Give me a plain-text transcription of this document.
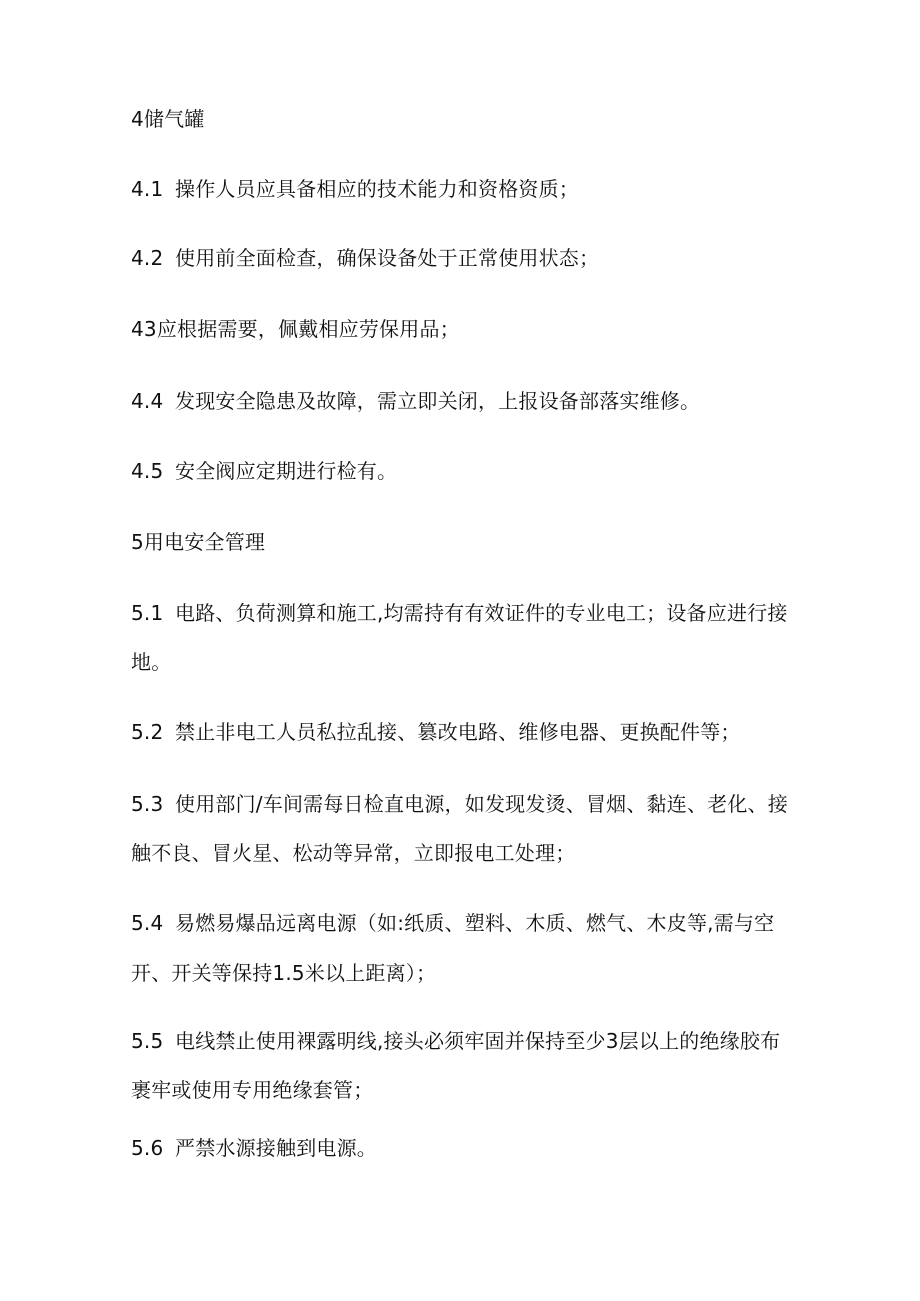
4储气罐
4.1 操作人员应具备相应的技术能力和资格资质；
4.2 使用前全面检查，确保设备处于正常使用状态；
43应根据需要，佩戴相应劳保用品；
4.4 发现安全隐患及故障，需立即关闭，上报设备部落实维修。
4.5 安全阀应定期进行检有。
5用电安全管理
5.1 电路、负荷测算和施工,均需持有有效证件的专业电工；设备应进行接
地。
5.2 禁止非电工人员私拉乱接、篡改电路、维修电器、更换配件等；
5.3 使用部门/车间需每日检直电源，如发现发烫、冒烟、黏连、老化、接
触不良、冒火星、松动等异常，立即报电工处理；
5.4 易燃易爆品远离电源（如:纸质、塑料、木质、燃气、木皮等,需与空
开、开关等保持1.5米以上距离）；
5.5 电线禁止使用裸露明线,接头必须牢固并保持至少3层以上的绝缘胶布
裹牢或使用专用绝缘套管；
5.6 严禁水源接触到电源。
